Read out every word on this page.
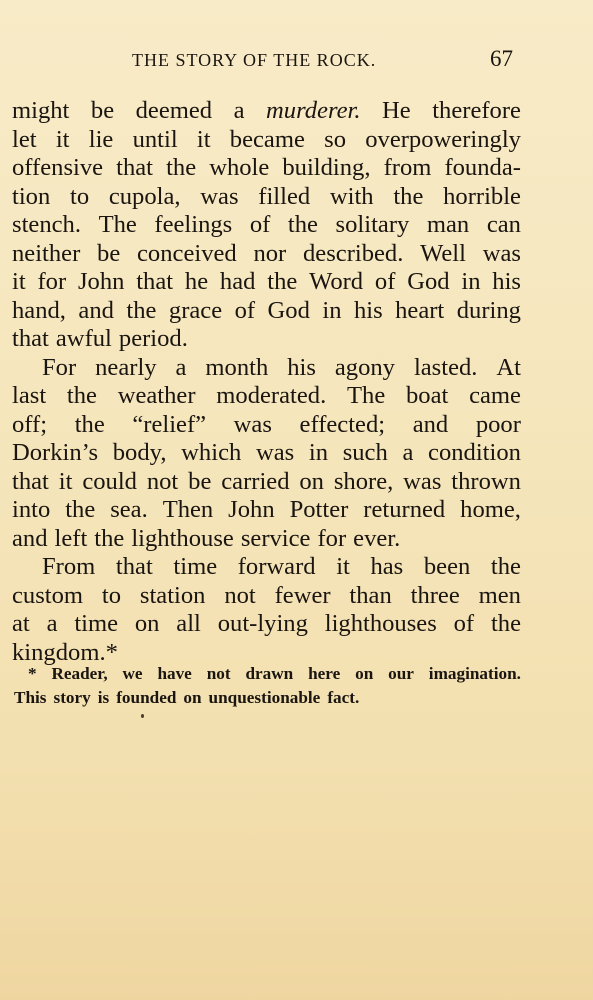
THE STORY OF THE ROCK.	67
might be deemed a murderer. He therefore
let it lie until it became so overpoweringly
offensive that the whole building, from founda-
tion to cupola, was filled with the horrible
stench. The feelings of the solitary man can
neither be conceived nor described. Well was
it for John that he had the Word of God in his
hand, and the grace of God in his heart during
that awful period.
For nearly a month his agony lasted. At
last the weather moderated. The boat came
off; the “relief” was effected; and poor
Dorkin’s body, which was in such a condition
that it could not be carried on shore, was thrown
into the sea. Then John Potter returned home,
and left the lighthouse service for ever.
From that time forward it has been the
custom to station not fewer than three men
at a time on all out-lying lighthouses of the
kingdom.*
* Reader, we have not drawn here on our imagination.
This story is founded on unquestionable fact.
